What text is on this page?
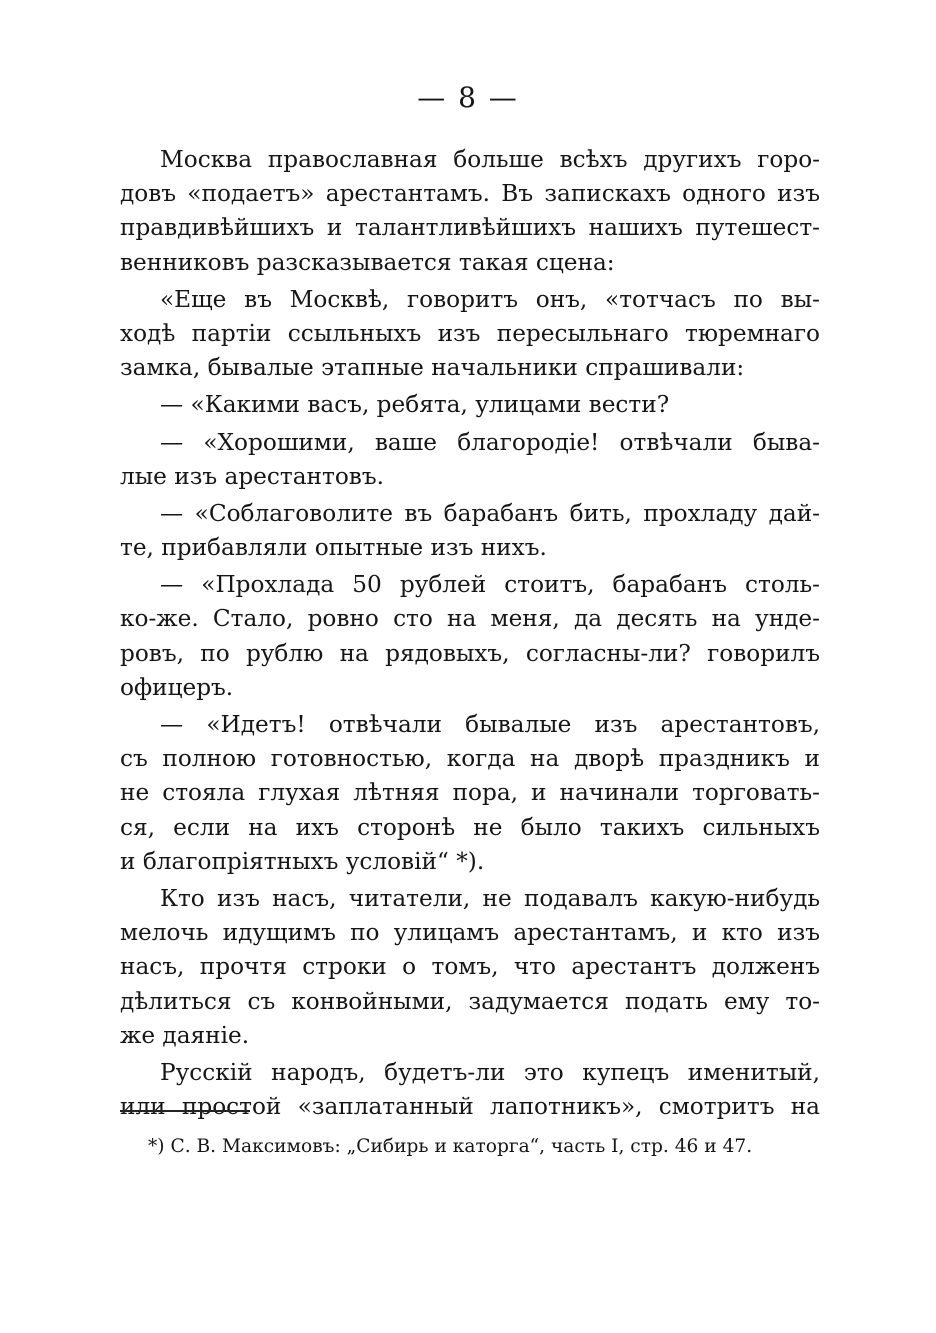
— 8 —
Москва православная больше всѣхъ другихъ горо-
довъ «подаетъ» арестантамъ. Въ запискахъ одного изъ
правдивѣйшихъ и талантливѣйшихъ нашихъ путешест-
венниковъ разсказывается такая сцена:
«Еще въ Москвѣ, говоритъ онъ, «тотчасъ по вы-
ходѣ партіи ссыльныхъ изъ пересыльнаго тюремнаго
замка, бывалые этапные начальники спрашивали:
— «Какими васъ, ребята, улицами вести?
— «Хорошими, ваше благородіе! отвѣчали быва-
лые изъ арестантовъ.
— «Соблаговолите въ барабанъ бить, прохладу дай-
те, прибавляли опытные изъ нихъ.
— «Прохлада 50 рублей стоитъ, барабанъ столь-
ко-же. Стало, ровно сто на меня, да десять на унде-
ровъ, по рублю на рядовыхъ, согласны-ли? говорилъ
офицеръ.
— «Идетъ! отвѣчали бывалые изъ арестантовъ,
съ полною готовностью, когда на дворѣ праздникъ и
не стояла глухая лѣтняя пора, и начинали торговать-
ся, если на ихъ сторонѣ не было такихъ сильныхъ
и благопріятныхъ условій“ *).
Кто изъ насъ, читатели, не подавалъ какую-нибудь
мелочь идущимъ по улицамъ арестантамъ, и кто изъ
насъ, прочтя строки о томъ, что арестантъ долженъ
дѣлиться съ конвойными, задумается подать ему то-
же даяніе.
Русскій народъ, будетъ-ли это купецъ именитый,
или простой «заплатанный лапотникъ», смотритъ на
*) С. В. Максимовъ: „Сибирь и каторга“, часть I, стр. 46 и 47.
